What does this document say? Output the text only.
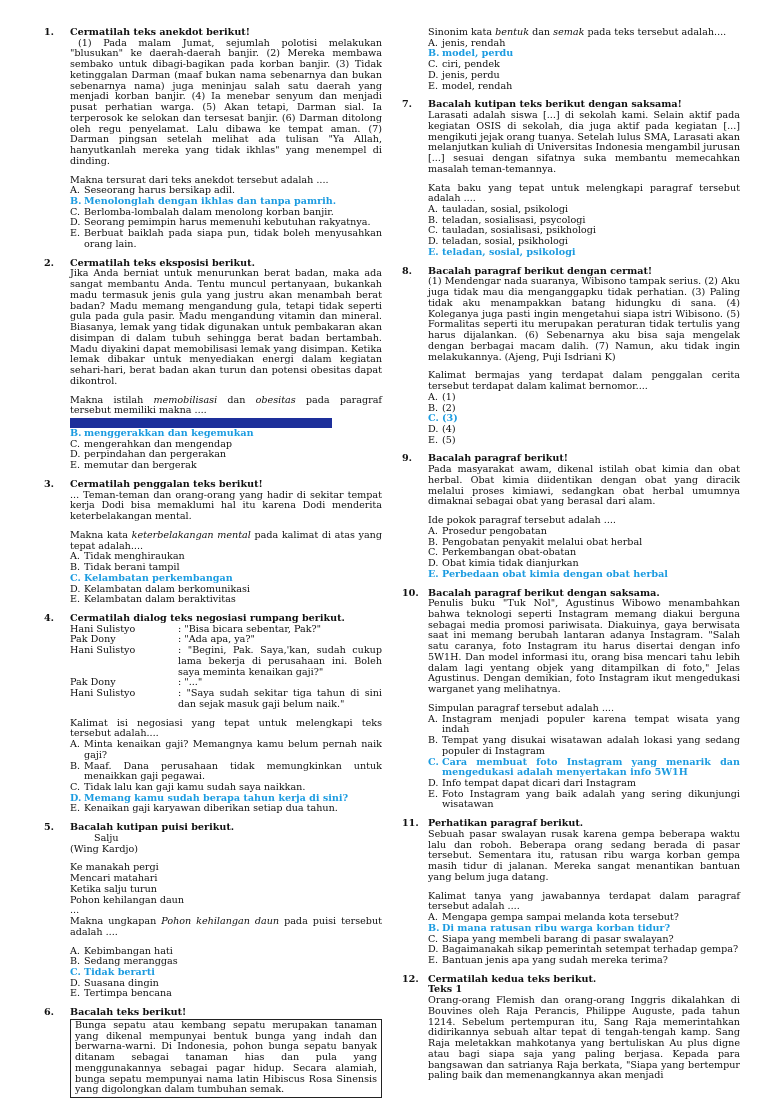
1. Cermatilah teks anekdot berikut!

(1) Pada malam Jumat, sejumlah polotisi melakukan "blusukan" ke daerah-daerah banjir. (2) Mereka membawa sembako untuk dibagi-bagikan pada korban banjir. (3) Tidak ketinggalan Darman (maaf bukan nama sebenarnya dan bukan sebenarnya nama) juga meninjau salah satu daerah yang menjadi korban banjir. (4) Ia menebar senyum dan menjadi pusat perhatian warga. (5) Akan tetapi, Darman sial. Ia terperosok ke selokan dan tersesat banjir. (6) Darman ditolong oleh regu penyelamat. Lalu dibawa ke tempat aman. (7) Darman pingsan setelah melihat ada tulisan "Ya Allah, hanyutkanlah mereka yang tidak ikhlas" yang menempel di dinding.

Makna tersurat dari teks anekdot tersebut adalah ....

A. Seseorang harus bersikap adil.
B. Menolonglah dengan ikhlas dan tanpa pamrih.
C. Berlomba-lombalah dalam menolong korban banjir.
D. Seorang pemimpin harus memenuhi kebutuhan rakyatnya.
E. Berbuat baiklah pada siapa pun, tidak boleh menyusahkan orang lain.
2. Cermatilah teks eksposisi berikut.

Jika Anda berniat untuk menurunkan berat badan, maka ada sangat membantu Anda. Tentu muncul pertanyaan, bukankah madu termasuk jenis gula yang justru akan menambah berat badan? Madu memang mengandung gula, tetapi tidak seperti gula pada gula pasir. Madu mengandung vitamin dan mineral. Biasanya, lemak yang tidak digunakan untuk pembakaran akan disimpan di dalam tubuh sehingga berat badan bertambah. Madu diyakini dapat memobilisasi lemak yang disimpan. Ketika lemak dibakar untuk menyediakan energi dalam kegiatan sehari-hari, berat badan akan turun dan potensi obesitas dapat dikontrol.

Makna istilah memobilisasi dan obesitas pada paragraf tersebut memiliki makna ....

B. menggerakkan dan kegemukan
C. mengerahkan dan mengendap
D. perpindahan dan pergerakan
E. memutar dan bergerak
3. Cermatilah penggalan teks berikut!

... Teman-teman dan orang-orang yang hadir di sekitar tempat kerja Dodi bisa memaklumi hal itu karena Dodi menderita keterbelakangan mental.

Makna kata keterbelakangan mental pada kalimat di atas yang tepat adalah....

A. Tidak menghiraukan
B. Tidak berani tampil
C. Kelambatan perkembangan
D. Kelambatan dalam berkomunikasi
E. Kelambatan dalam beraktivitas
4. Cermatilah dialog teks negosiasi rumpang berikut.
Hani Sulistyo	: "Bisa bicara sebentar, Pak?"
Pak Dony	: "Ada apa, ya?"
Hani Sulistyo	: "Begini, Pak. Saya,'kan, sudah cukup lama bekerja di perusahaan ini. Boleh saya meminta kenaikan gaji?"
Pak Dony	: "..."
Hani Sulistyo	: "Saya sudah sekitar tiga tahun di sini dan sejak masuk gaji belum naik."

Kalimat isi negosiasi yang tepat untuk melengkapi teks tersebut adalah....

A. Minta kenaikan gaji? Memangnya kamu belum pernah naik gaji?
B. Maaf. Dana perusahaan tidak memungkinkan untuk menaikkan gaji pegawai.
C. Tidak lalu kan gaji kamu sudah saya naikkan.
D. Memang kamu sudah berapa tahun kerja di sini?
E. Kenaikan gaji karyawan diberikan setiap dua tahun.
5. Bacalah kutipan puisi berikut.
Salju
(Wing Kardjo)
Ke manakah pergi
Mencari matahari
Ketika salju turun
Pohon kehilangan daun
...

Makna ungkapan Pohon kehilangan daun pada puisi tersebut adalah ....

A. Kebimbangan hati
B. Sedang meranggas
C. Tidak berarti
D. Suasana dingin
E. Tertimpa bencana
6. Bacalah teks berikut!
Bunga sepatu atau kembang sepatu merupakan tanaman yang dikenal mempunyai bentuk bunga yang indah dan berwarna-warni. Di Indonesia, pohon bunga sepatu banyak ditanam sebagai tanaman hias dan pula yang menggunakannya sebagai pagar hidup. Secara alamiah, bunga sepatu mempunyai nama latin Hibiscus Rosa Sinensis yang digolongkan dalam tumbuhan semak.

Sinonim kata bentuk dan semak pada teks tersebut adalah....

A. jenis, rendah
B. model, perdu
C. ciri, pendek
D. jenis, perdu
E. model, rendah
7. Bacalah kutipan teks berikut dengan saksama!

Larasati adalah siswa [...] di sekolah kami. Selain aktif pada kegiatan OSIS di sekolah, dia juga aktif pada kegiatan [...] mengikuti jejak orang tuanya. Setelah lulus SMA, Larasati akan melanjutkan kuliah di Universitas Indonesia mengambil jurusan [...] sesuai dengan sifatnya suka membantu memecahkan masalah teman-temannya.

Kata baku yang tepat untuk melengkapi paragraf tersebut adalah ....

A. tauladan, sosial, psikologi
B. teladan, sosialisasi, psycologi
C. tauladan, sosialisasi, psikhologi
D. teladan, sosial, psikhologi
E. teladan, sosial, psikologi
8. Bacalah paragraf berikut dengan cermat!

(1) Mendengar nada suaranya, Wibisono tampak serius. (2) Aku juga tidak mau dia menganggapku tidak perhatian. (3) Paling tidak aku menampakkan batang hidungku di sana. (4) Koleganya juga pasti ingin mengetahui siapa istri Wibisono. (5) Formalitas seperti itu merupakan peraturan tidak tertulis yang harus dijalankan. (6) Sebenarnya aku bisa saja mengelak dengan berbagai macam dalih. (7) Namun, aku tidak ingin melakukannya. (Ajeng, Puji Isdriani K)

Kalimat bermajas yang terdapat dalam penggalan cerita tersebut terdapat dalam kalimat bernomor....

A. (1)
B. (2)
C. (3)
D. (4)
E. (5)
9. Bacalah paragraf berikut!

Pada masyarakat awam, dikenal istilah obat kimia dan obat herbal. Obat kimia diidentikan dengan obat yang diracik melalui proses kimiawi, sedangkan obat herbal umumnya dimaknai sebagai obat yang berasal dari alam.

Ide pokok paragraf tersebut adalah ....

A. Prosedur pengobatan
B. Pengobatan penyakit melalui obat herbal
C. Perkembangan obat-obatan
D. Obat kimia tidak dianjurkan
E. Perbedaan obat kimia dengan obat herbal
10. Bacalah paragraf berikut dengan saksama.

Penulis buku "Tuk Nol", Agustinus Wibowo menambahkan bahwa teknologi seperti Instagram memang diakui berguna sebagai media promosi pariwisata. Diakuinya, gaya berwisata saat ini memang berubah lantaran adanya Instagram. "Salah satu caranya, foto Instagram itu harus disertai dengan info 5W1H. Dan model informasi itu, orang bisa mencari tahu lebih dalam lagi yentang objek yang ditampilkan di foto," Jelas Agustinus. Dengan demikian, foto Instagram ikut mengedukasi warganet yang melihatnya.

Simpulan paragraf tersebut adalah ....

A. Instagram menjadi populer karena tempat wisata yang indah
B. Tempat yang disukai wisatawan adalah lokasi yang sedang populer di Instagram
C. Cara membuat foto Instagram yang menarik dan mengedukasi adalah menyertakan info 5W1H
D. Info tempat dapat dicari dari Instagram
E. Foto Instagram yang baik adalah yang sering dikunjungi wisatawan
11. Perhatikan paragraf berikut.

Sebuah pasar swalayan rusak karena gempa beberapa waktu lalu dan roboh. Beberapa orang sedang berada di pasar tersebut. Sementara itu, ratusan ribu warga korban gempa masih tidur di jalanan. Mereka sangat menantikan bantuan yang belum juga datang.

Kalimat tanya yang jawabannya terdapat dalam paragraf tersebut adalah ....

A. Mengapa gempa sampai melanda kota tersebut?
B. Di mana ratusan ribu warga korban tidur?
C. Siapa yang membeli barang di pasar swalayan?
D. Bagaimanakah sikap pemerintah setempat terhadap gempa?
E. Bantuan jenis apa yang sudah mereka terima?
12. Cermatilah kedua teks berikut.
Teks 1

Orang-orang Flemish dan orang-orang Inggris dikalahkan di Bouvines oleh Raja Perancis, Philippe Auguste, pada tahun 1214. Sebelum pertempuran itu, Sang Raja memerintahkan didirikannya sebuah altar tepat di tengah-tengah kamp. Sang Raja meletakkan mahkotanya yang bertuliskan Au plus digne atau bagi siapa saja yang paling berjasa. Kepada para bangsawan dan satrianya Raja berkata, "Siapa yang bertempur paling baik dan memenangkannya akan menjadi
